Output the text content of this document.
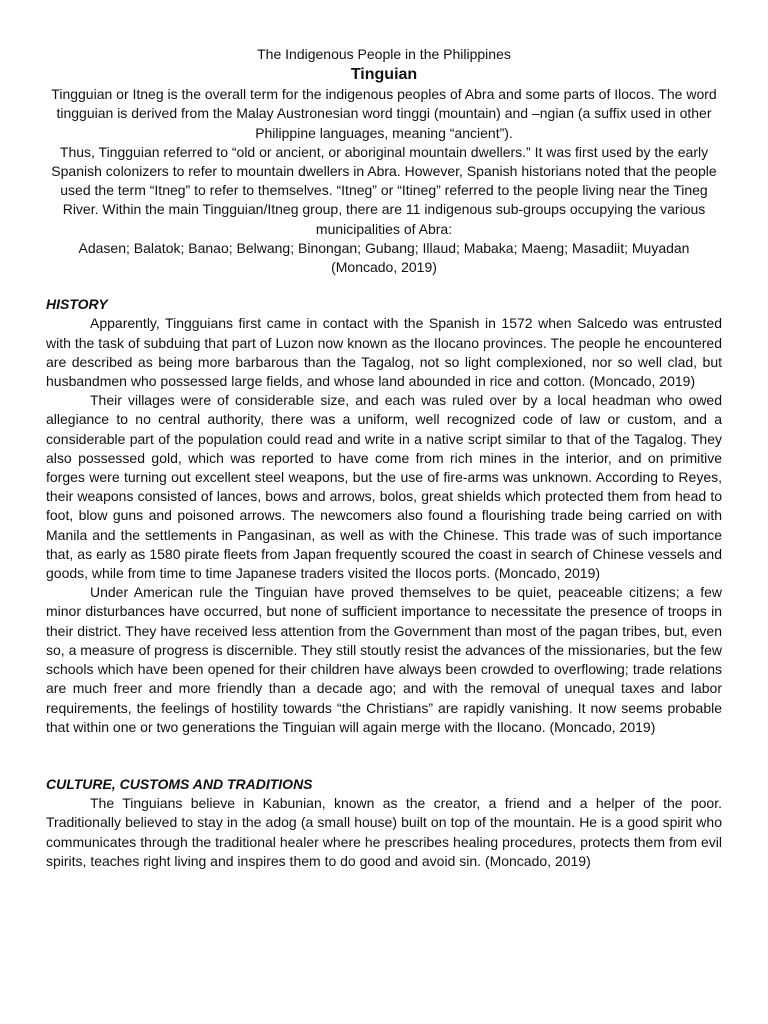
The Indigenous People in the Philippines

Tinguian

Tingguian or Itneg is the overall term for the indigenous peoples of Abra and some parts of Ilocos. The word tingguian is derived from the Malay Austronesian word tinggi (mountain) and –ngian (a suffix used in other Philippine languages, meaning “ancient”).

Thus, Tingguian referred to “old or ancient, or aboriginal mountain dwellers.” It was first used by the early Spanish colonizers to refer to mountain dwellers in Abra. However, Spanish historians noted that the people used the term “Itneg” to refer to themselves. “Itneg” or “Itineg” referred to the people living near the Tineg River. Within the main Tingguian/Itneg group, there are 11 indigenous sub-groups occupying the various municipalities of Abra:

Adasen; Balatok; Banao; Belwang; Binongan; Gubang; Illaud; Mabaka; Maeng; Masadiit; Muyadan

(Moncado, 2019)

HISTORY

Apparently, Tingguians first came in contact with the Spanish in 1572 when Salcedo was entrusted with the task of subduing that part of Luzon now known as the Ilocano provinces. The people he encountered are described as being more barbarous than the Tagalog, not so light complexioned, nor so well clad, but husbandmen who possessed large fields, and whose land abounded in rice and cotton. (Moncado, 2019)

Their villages were of considerable size, and each was ruled over by a local headman who owed allegiance to no central authority, there was a uniform, well recognized code of law or custom, and a considerable part of the population could read and write in a native script similar to that of the Tagalog. They also possessed gold, which was reported to have come from rich mines in the interior, and on primitive forges were turning out excellent steel weapons, but the use of fire-arms was unknown. According to Reyes, their weapons consisted of lances, bows and arrows, bolos, great shields which protected them from head to foot, blow guns and poisoned arrows. The newcomers also found a flourishing trade being carried on with Manila and the settlements in Pangasinan, as well as with the Chinese. This trade was of such importance that, as early as 1580 pirate fleets from Japan frequently scoured the coast in search of Chinese vessels and goods, while from time to time Japanese traders visited the Ilocos ports. (Moncado, 2019)

Under American rule the Tinguian have proved themselves to be quiet, peaceable citizens; a few minor disturbances have occurred, but none of sufficient importance to necessitate the presence of troops in their district. They have received less attention from the Government than most of the pagan tribes, but, even so, a measure of progress is discernible. They still stoutly resist the advances of the missionaries, but the few schools which have been opened for their children have always been crowded to overflowing; trade relations are much freer and more friendly than a decade ago; and with the removal of unequal taxes and labor requirements, the feelings of hostility towards “the Christians” are rapidly vanishing. It now seems probable that within one or two generations the Tinguian will again merge with the Ilocano. (Moncado, 2019)

CULTURE, CUSTOMS AND TRADITIONS

The Tinguians believe in Kabunian, known as the creator, a friend and a helper of the poor. Traditionally believed to stay in the adog (a small house) built on top of the mountain. He is a good spirit who communicates through the traditional healer where he prescribes healing procedures, protects them from evil spirits, teaches right living and inspires them to do good and avoid sin. (Moncado, 2019)
